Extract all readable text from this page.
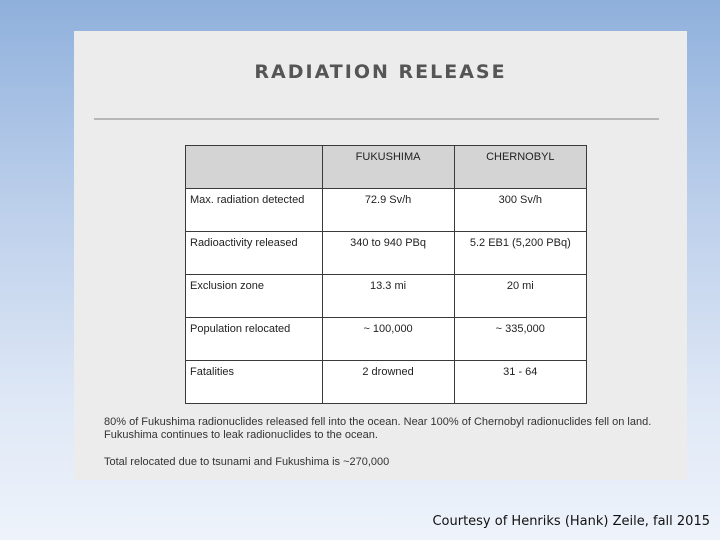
RADIATION RELEASE
	FUKUSHIMA	CHERNOBYL
Max. radiation detected	72.9 Sv/h	300 Sv/h
Radioactivity released	340 to 940 PBq	5.2 EB1 (5,200 PBq)
Exclusion zone	13.3 mi	20 mi
Population relocated	~ 100,000	~ 335,000
Fatalities	2 drowned	31 - 64
80% of Fukushima radionuclides released fell into the ocean. Near 100% of Chernobyl radionuclides fell on land. Fukushima continues to leak radionuclides to the ocean.
Total relocated due to tsunami and Fukushima is ~270,000
Courtesy of Henriks (Hank) Zeile, fall 2015
